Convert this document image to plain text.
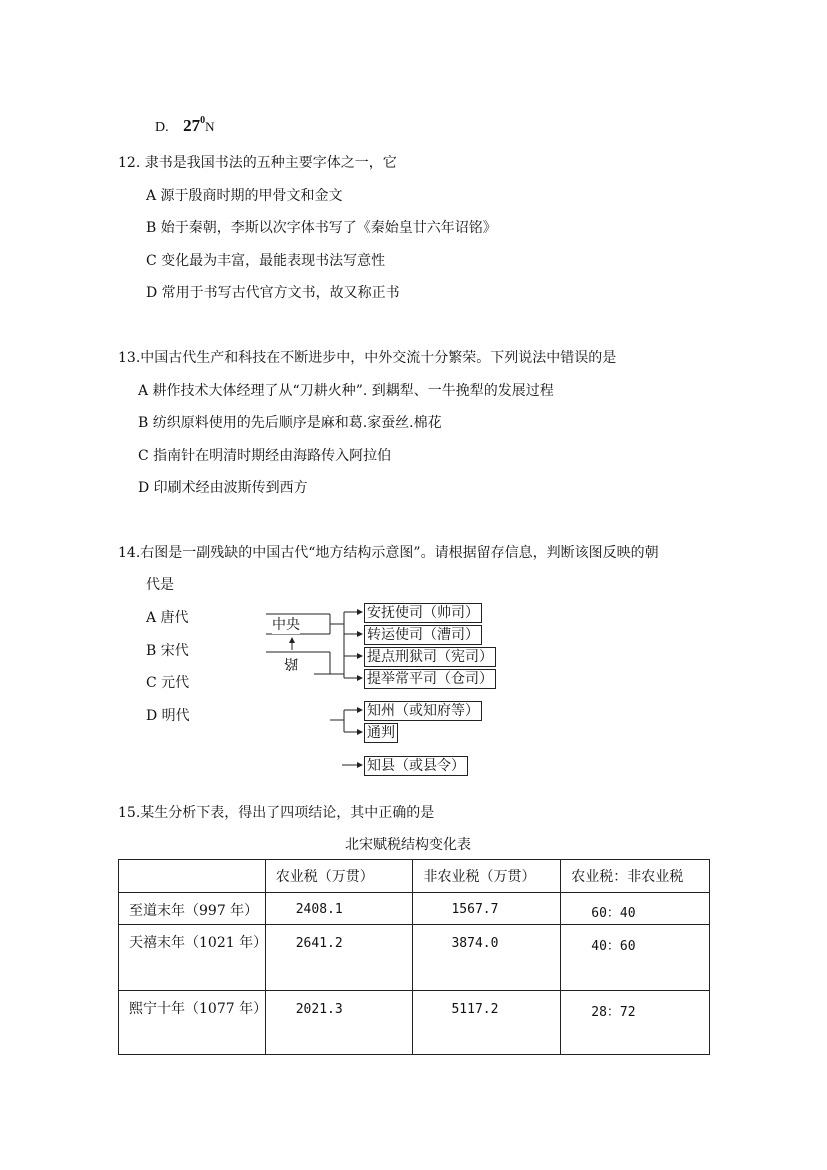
D. $27^0N$
12. 隶书是我国书法的五种主要字体之一，它
A 源于殷商时期的甲骨文和金文
B 始于秦朝，李斯以次字体书写了《秦始皇廿六年诏铭》
C 变化最为丰富，最能表现书法写意性
D 常用于书写古代官方文书，故又称正书
13.中国古代生产和科技在不断进步中，中外交流十分繁荣。下列说法中错误的是
A 耕作技术大体经理了从“刀耕火种”. 到耦犁、一牛挽犁的发展过程
B 纺织原料使用的先后顺序是麻和葛.家蚕丝.棉花
C 指南针在明清时期经由海路传入阿拉伯
D 印刷术经由波斯传到西方
14.右图是一副残缺的中国古代“地方结构示意图”。请根据留存信息，判断该图反映的朝
代是
A 唐代
B 宋代
C 元代
D 明代
中央
路
安抚使司（帅司）
转运使司（漕司）
提点刑狱司（宪司）
提举常平司（仓司）
知州（或知府等）
通判
知县（或县令）
15.某生分析下表，得出了四项结论，其中正确的是
北宋赋税结构变化表

	农业税（万贯）	非农业税（万贯）	农业税：非农业税

至道末年（997 年）	2408.1	1567.7	60：40

天禧末年（1021 年）	2641.2	3874.0	40：60

熙宁十年（1077 年）	2021.3	5117.2	28：72
